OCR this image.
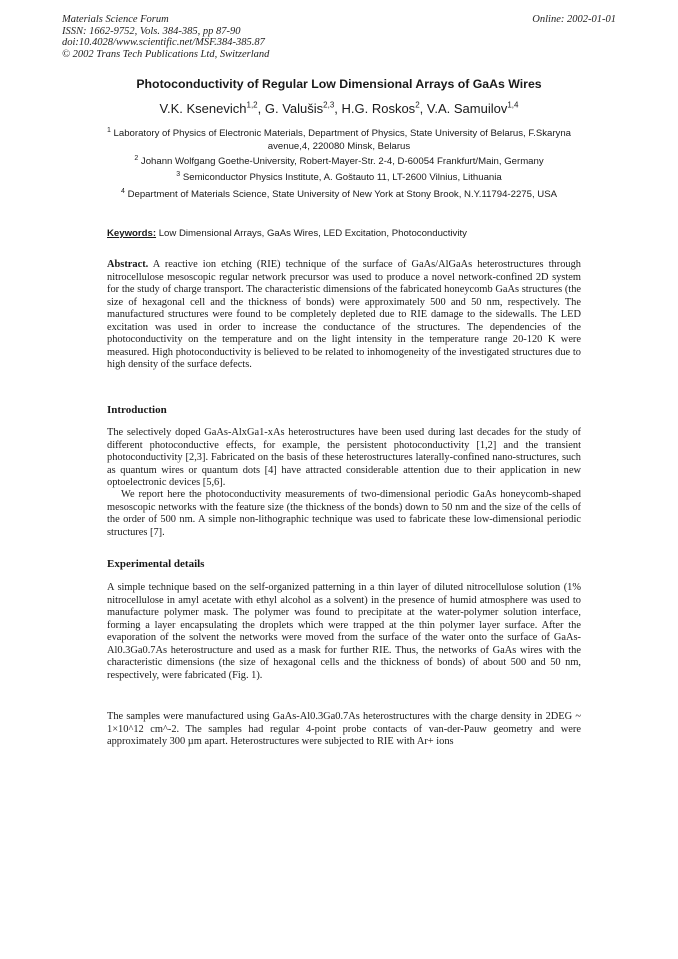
Materials Science Forum
ISSN: 1662-9752, Vols. 384-385, pp 87-90
doi:10.4028/www.scientific.net/MSF.384-385.87
© 2002 Trans Tech Publications Ltd, Switzerland
Online: 2002-01-01
Photoconductivity of Regular Low Dimensional Arrays of GaAs Wires
V.K. Ksenevich$^{1,2}$, G. Valušis$^{2,3}$, H.G. Roskos$^2$, V.A. Samuilov$^{1,4}$
$^1$ Laboratory of Physics of Electronic Materials, Department of Physics, State University of Belarus, F.Skaryna avenue,4, 220080 Minsk, Belarus
$^2$ Johann Wolfgang Goethe-University, Robert-Mayer-Str. 2-4, D-60054 Frankfurt/Main, Germany
$^3$ Semiconductor Physics Institute, A. Goštauto 11, LT-2600 Vilnius, Lithuania
$^4$ Department of Materials Science, State University of New York at Stony Brook, N.Y.11794-2275, USA
Keywords: Low Dimensional Arrays, GaAs Wires, LED Excitation, Photoconductivity

Abstract. A reactive ion etching (RIE) technique of the surface of GaAs/AlGaAs heterostructures through nitrocellulose mesoscopic regular network precursor was used to produce a novel network-confined 2D system for the study of charge transport. The characteristic dimensions of the fabricated honeycomb GaAs structures (the size of hexagonal cell and the thickness of bonds) were approximately 500 and 50 nm, respectively. The manufactured structures were found to be completely depleted due to RIE damage to the sidewalls. The LED excitation was used in order to increase the conductance of the structures. The dependencies of the photoconductivity on the temperature and on the light intensity in the temperature range 20-120 K were measured. High photoconductivity is believed to be related to inhomogeneity of the investigated structures due to high density of the surface defects.

Introduction

The selectively doped GaAs-AlxGa1-xAs heterostructures have been used during last decades for the study of different photoconductive effects, for example, the persistent photoconductivity [1,2] and the transient photoconductivity [2,3]. Fabricated on the basis of these heterostructures laterally-confined nano-structures, such as quantum wires or quantum dots [4] have attracted considerable attention due to their application in new optoelectronic devices [5,6].

We report here the photoconductivity measurements of two-dimensional periodic GaAs honeycomb-shaped mesoscopic networks with the feature size (the thickness of the bonds) down to 50 nm and the size of the cells of the order of 500 nm. A simple non-lithographic technique was used to fabricate these low-dimensional periodic structures [7].

Experimental details

A simple technique based on the self-organized patterning in a thin layer of diluted nitrocellulose solution (1% nitrocellulose in amyl acetate with ethyl alcohol as a solvent) in the presence of humid atmosphere was used to manufacture polymer mask. The polymer was found to precipitate at the water-polymer solution interface, forming a layer encapsulating the droplets which were trapped at the thin polymer layer surface. After the evaporation of the solvent the networks were moved from the surface of the water onto the surface of GaAs-Al0.3Ga0.7As heterostructure and used as a mask for further RIE. Thus, the networks of GaAs wires with the characteristic dimensions (the size of hexagonal cells and the thickness of bonds) of about 500 and 50 nm, respectively, were fabricated (Fig. 1).

The samples were manufactured using GaAs-Al0.3Ga0.7As heterostructures with the charge density in 2DEG ~ 1×10^12 cm^-2. The samples had regular 4-point probe contacts of van-der-Pauw geometry and were approximately 300 µm apart. Heterostructures were subjected to RIE with Ar+ ions
